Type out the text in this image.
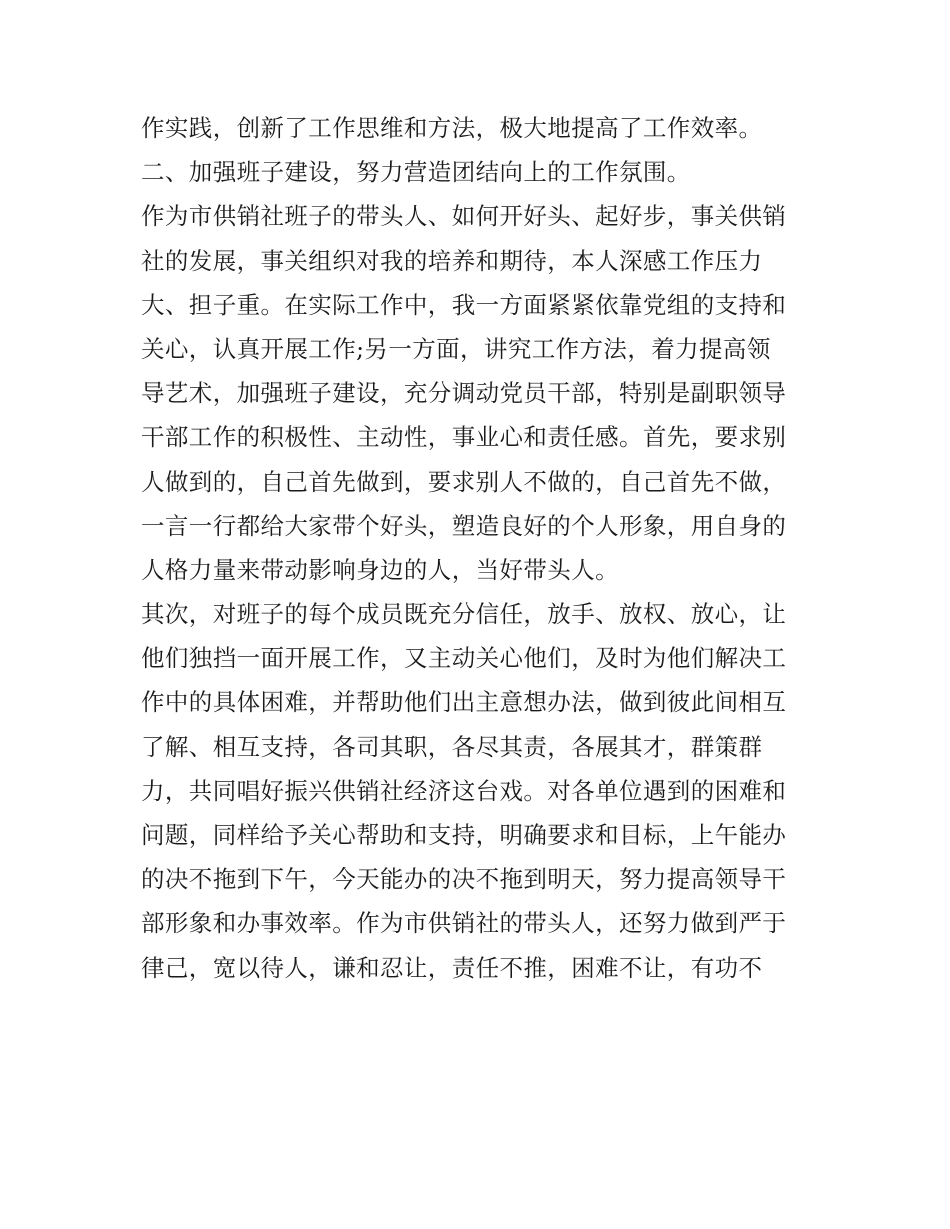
作实践，创新了工作思维和方法，极大地提高了工作效率。
二、加强班子建设，努力营造团结向上的工作氛围。
作为市供销社班子的带头人、如何开好头、起好步，事关供销
社的发展，事关组织对我的培养和期待，本人深感工作压力
大、担子重。在实际工作中，我一方面紧紧依靠党组的支持和
关心，认真开展工作;另一方面，讲究工作方法，着力提高领
导艺术，加强班子建设，充分调动党员干部，特别是副职领导
干部工作的积极性、主动性，事业心和责任感。首先，要求别
人做到的，自己首先做到，要求别人不做的，自己首先不做，
一言一行都给大家带个好头，塑造良好的个人形象，用自身的
人格力量来带动影响身边的人，当好带头人。
其次，对班子的每个成员既充分信任，放手、放权、放心，让
他们独挡一面开展工作，又主动关心他们，及时为他们解决工
作中的具体困难，并帮助他们出主意想办法，做到彼此间相互
了解、相互支持，各司其职，各尽其责，各展其才，群策群
力，共同唱好振兴供销社经济这台戏。对各单位遇到的困难和
问题，同样给予关心帮助和支持，明确要求和目标，上午能办
的决不拖到下午，今天能办的决不拖到明天，努力提高领导干
部形象和办事效率。作为市供销社的带头人，还努力做到严于
律己，宽以待人，谦和忍让，责任不推，困难不让，有功不
